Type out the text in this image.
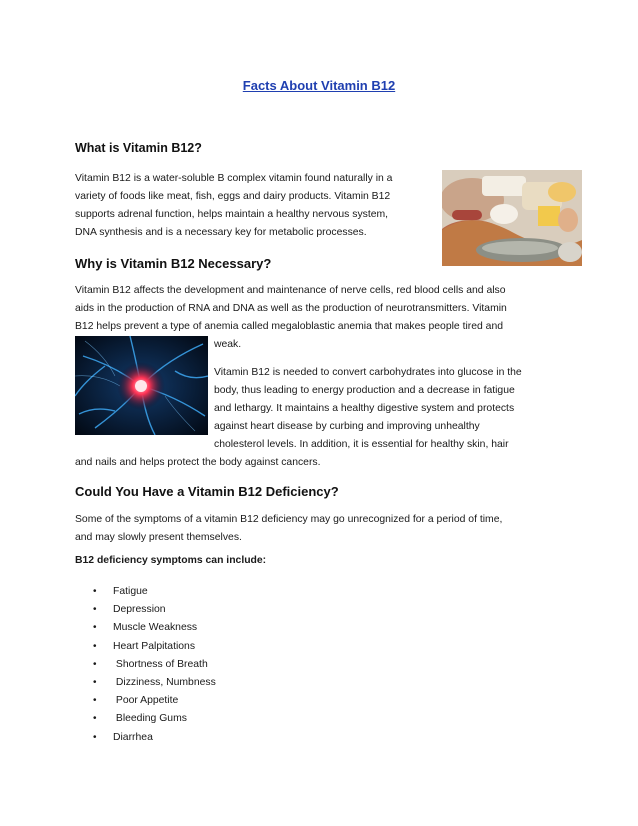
Facts About Vitamin B12
What is Vitamin B12?
Vitamin B12 is a water-soluble B complex vitamin found naturally in a
variety of foods like meat, fish, eggs and dairy products. Vitamin B12
supports adrenal function, helps maintain a healthy nervous system,
DNA synthesis and is a necessary key for metabolic processes.
Why is Vitamin B12 Necessary?
Vitamin B12 affects the development and maintenance of nerve cells, red blood cells and also
aids in the production of RNA and DNA as well as the production of neurotransmitters. Vitamin
B12 helps prevent a type of anemia called megaloblastic anemia that makes people tired and
weak.
Vitamin B12 is needed to convert carbohydrates into glucose in the
body, thus leading to energy production and a decrease in fatigue
and lethargy. It maintains a healthy digestive system and protects
against heart disease by curbing and improving unhealthy
cholesterol levels. In addition, it is essential for healthy skin, hair
and nails and helps protect the body against cancers.
Could You Have a Vitamin B12 Deficiency?
Some of the symptoms of a vitamin B12 deficiency may go unrecognized for a period of time,
and may slowly present themselves.
B12 deficiency symptoms can include:
• Fatigue
• Depression
• Muscle Weakness
• Heart Palpitations
• Shortness of Breath
• Dizziness, Numbness
• Poor Appetite
• Bleeding Gums
• Diarrhea
